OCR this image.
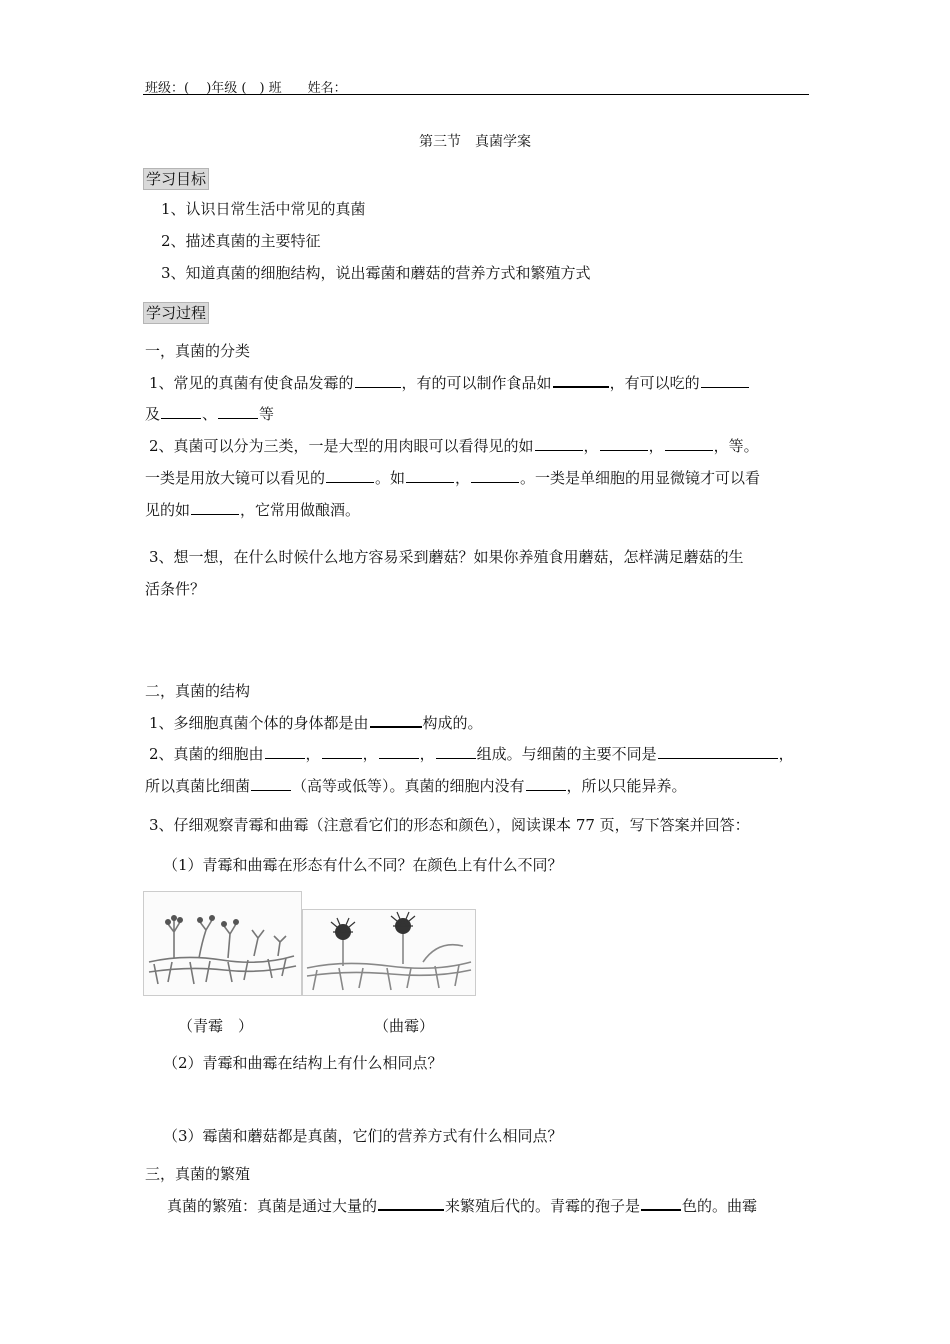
班级：(　 )年级 (　) 班　　姓名：
第三节　真菌学案
学习目标
1、认识日常生活中常见的真菌
2、描述真菌的主要特征
3、知道真菌的细胞结构，说出霉菌和蘑菇的营养方式和繁殖方式
学习过程
一，真菌的分类
1、常见的真菌有使食品发霉的	，有的可以制作食品如	，有可以吃的
及	、	等
2、真菌可以分为三类，一是大型的用肉眼可以看得见的如	，	，	，等。
一类是用放大镜可以看见的	。如	，	。一类是单细胞的用显微镜才可以看
见的如	，它常用做酿酒。
3、想一想，在什么时候什么地方容易采到蘑菇？如果你养殖食用蘑菇，怎样满足蘑菇的生
活条件？
二，真菌的结构
1、多细胞真菌个体的身体都是由	构成的。
2、真菌的细胞由	，	，	，	组成。与细菌的主要不同是	，
所以真菌比细菌	（高等或低等）。真菌的细胞内没有	，所以只能异养。
3、仔细观察青霉和曲霉（注意看它们的形态和颜色），阅读课本 77 页，写下答案并回答：
（1）青霉和曲霉在形态有什么不同？在颜色上有什么不同？
（青霉　）	（曲霉）
（2）青霉和曲霉在结构上有什么相同点？
（3）霉菌和蘑菇都是真菌，它们的营养方式有什么相同点？
三，真菌的繁殖
真菌的繁殖：真菌是通过大量的	来繁殖后代的。青霉的孢子是	色的。曲霉
